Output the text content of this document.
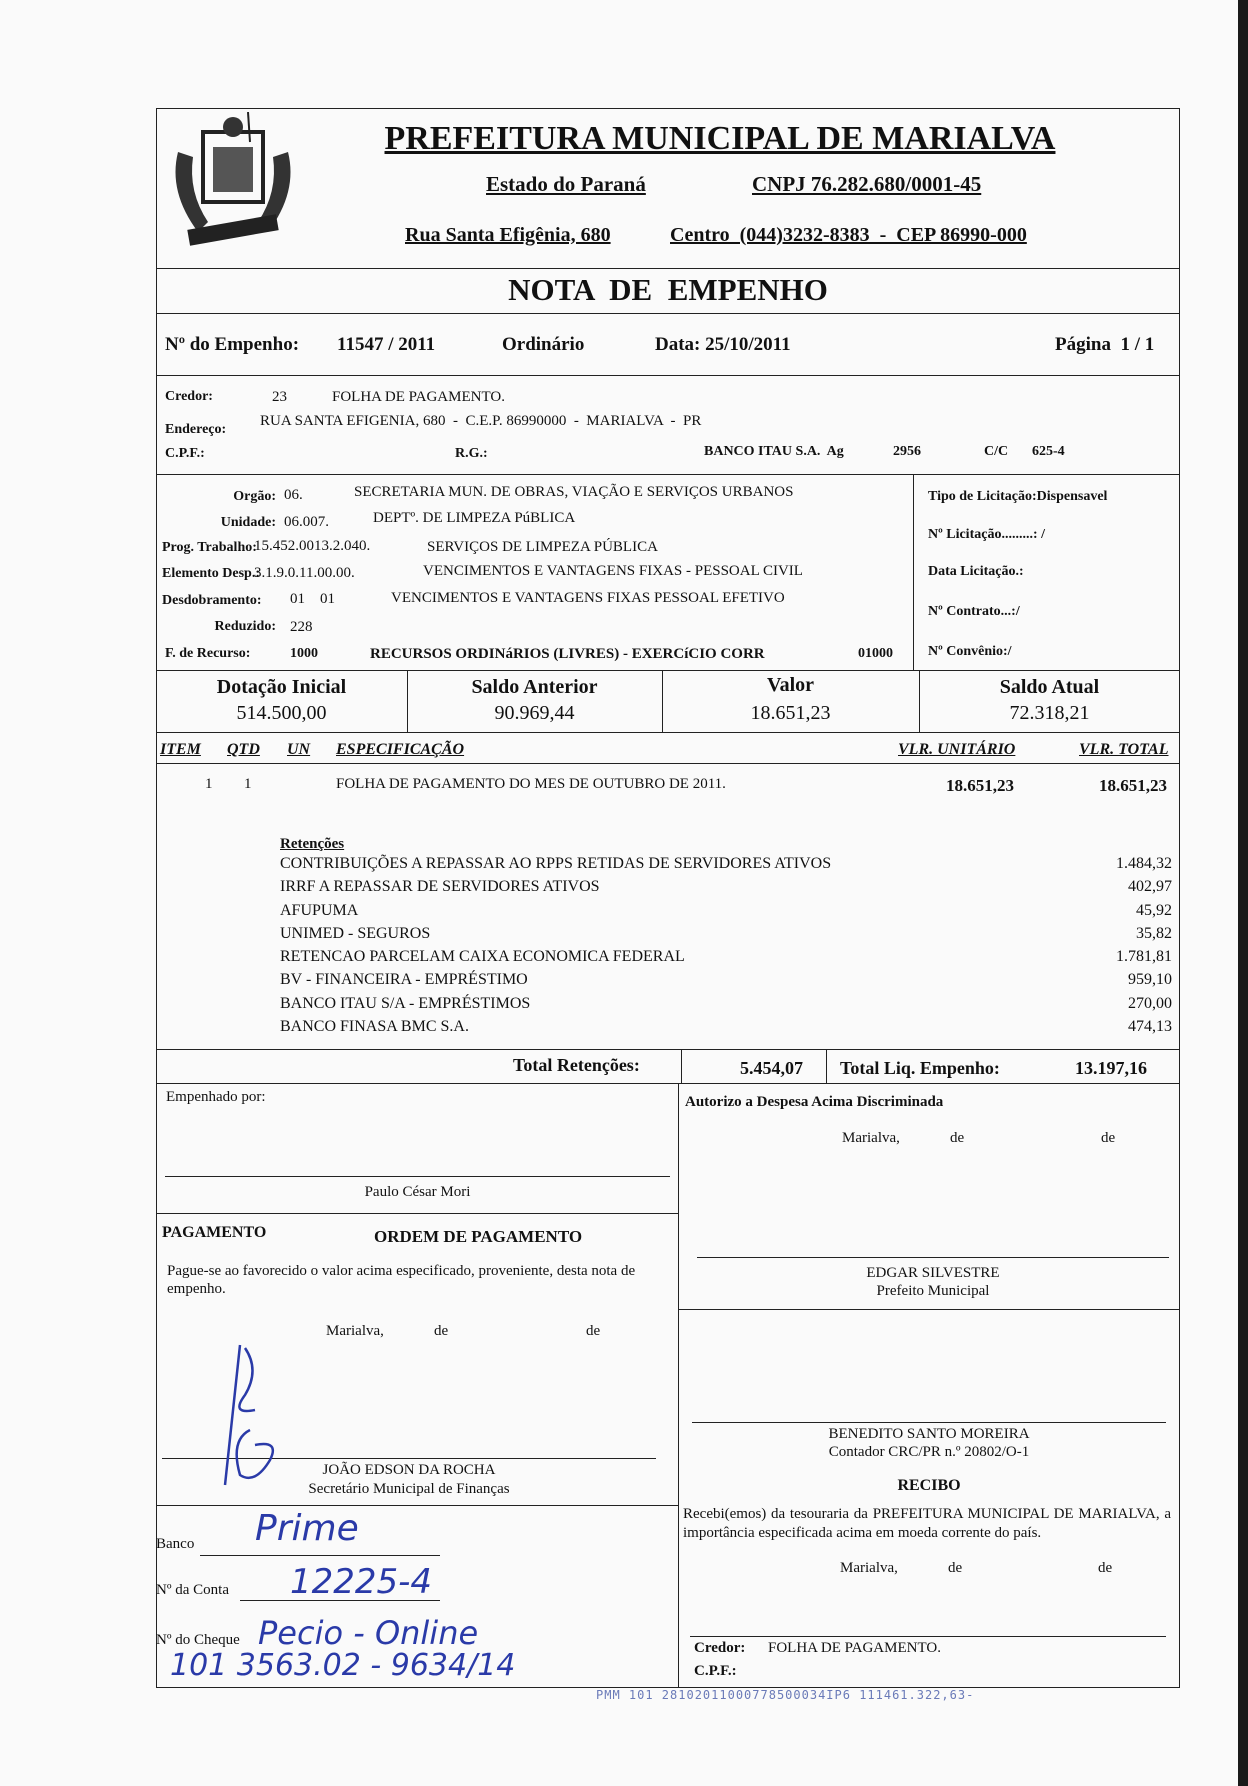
PREFEITURA MUNICIPAL DE MARIALVA
Estado do Paraná	CNPJ 76.282.680/0001-45
Rua Santa Efigênia, 680	Centro  (044)3232-8383  -  CEP 86990-000
NOTA  DE  EMPENHO
Nº do Empenho: 11547 / 2011	Ordinário	Data: 25/10/2011	Página  1 / 1
Credor:	23	FOLHA DE PAGAMENTO.
Endereço:
RUA SANTA EFIGENIA, 680  -  C.E.P. 86990000  -  MARIALVA  -  PR
C.P.F.:	R.G.:	BANCO ITAU S.A.  Ag	2956	C/C 625-4
Orgão: 06.	SECRETARIA MUN. DE OBRAS, VIAÇÃO E SERVIÇOS URBANOS
Unidade: 06.007.	DEPTº. DE LIMPEZA PúBLICA
Prog. Trabalho:
15.452.0013.2.040.	SERVIÇOS DE LIMPEZA PÚBLICA
Elemento Desp.:
3.1.9.0.11.00.00.	VENCIMENTOS E VANTAGENS FIXAS - PESSOAL CIVIL
Desdobramento: 01    01	VENCIMENTOS E VANTAGENS FIXAS PESSOAL EFETIVO
Reduzido: 228
F. de Recurso:	1000	RECURSOS ORDINáRIOS (LIVRES) - EXERCíCIO CORR	01000
Tipo de Licitação:Dispensavel
Nº Licitação.........: /
Data Licitação.:
Nº Contrato...:/
Nº Convênio:/
Dotação Inicial
514.500,00
Saldo Anterior
90.969,44
Valor
18.651,23
Saldo Atual
72.318,21
ITEM QTD UN ESPECIFICAÇÃO	VLR. UNITÁRIO	VLR. TOTAL
1 1	FOLHA DE PAGAMENTO DO MES DE OUTUBRO DE 2011.	18.651,23	18.651,23
Retenções
CONTRIBUIÇÕES A REPASSAR AO RPPS RETIDAS DE SERVIDORES ATIVOS	1.484,32
IRRF A REPASSAR DE SERVIDORES ATIVOS	402,97
AFUPUMA	45,92
UNIMED - SEGUROS	35,82
RETENCAO PARCELAM CAIXA ECONOMICA FEDERAL	1.781,81
BV - FINANCEIRA - EMPRÉSTIMO	959,10
BANCO ITAU S/A - EMPRÉSTIMOS	270,00
BANCO FINASA BMC S.A.	474,13
Total Retenções:	5.454,07 Total Liq. Empenho:	13.197,16
Empenhado por:
Paulo César Mori
Autorizo a Despesa Acima Discriminada
Marialva,	de	de
EDGAR SILVESTRE
Prefeito Municipal
PAGAMENTO	ORDEM DE PAGAMENTO
Pague-se ao favorecido o valor acima especificado, proveniente, desta nota de empenho.
Marialva,	de	de
BENEDITO SANTO MOREIRA
Contador CRC/PR n.º 20802/O-1
JOÃO EDSON DA ROCHA
Secretário Municipal de Finanças	RECIBO
Recebi(emos) da tesouraria da PREFEITURA MUNICIPAL DE MARIALVA, a importância especificada acima em moeda corrente do país.
Marialva,	de	de
Credor: FOLHA DE PAGAMENTO.
C.P.F.:
Banco Prime
Nº da Conta 12225-4
Nº do Cheque Pecio - Online
101 3563.02 - 9634/14
PMM 101 28102011000778500034IP6 111461.322,63-
